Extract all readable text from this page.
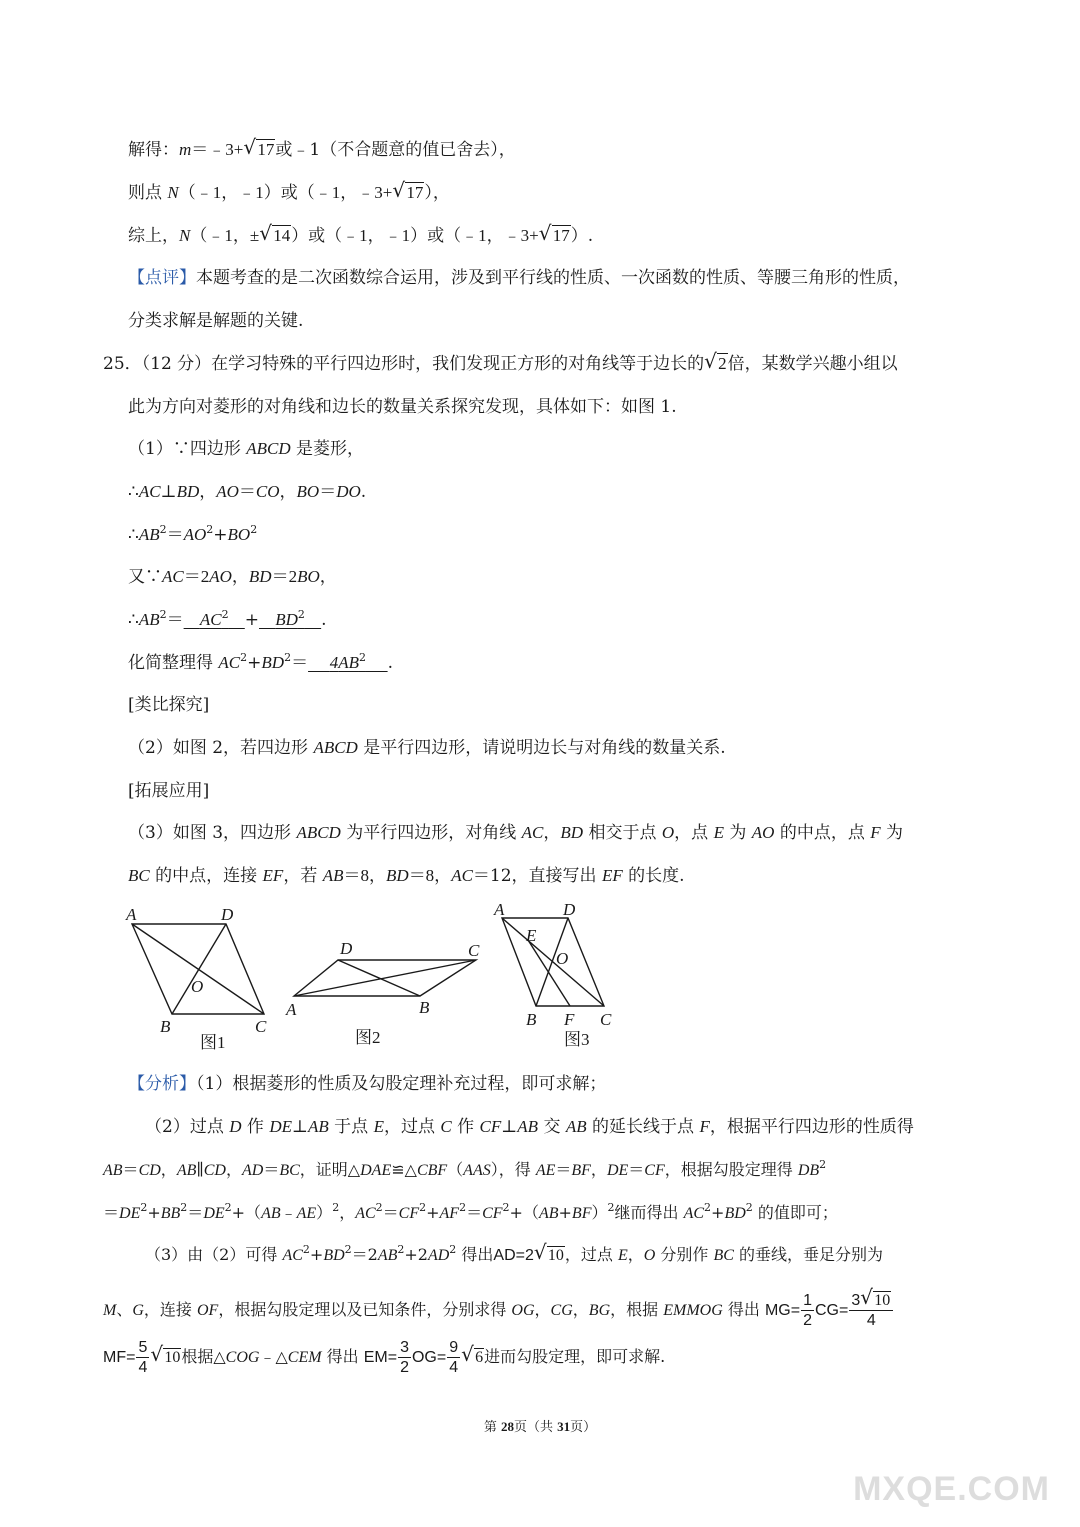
解得：m＝﹣3+ √ 17或﹣1（不合题意的值已舍去），
则点 N（﹣1，﹣1）或（﹣1，﹣3+ √ 17），
综上，N（﹣1，± √ 14）或（﹣1，﹣1）或（﹣1，﹣3+ √ 17）.
【点评】本题考查的是二次函数综合运用，涉及到平行线的性质、一次函数的性质、等腰三角形的性质，
分类求解是解题的关键.
25．（12 分）在学习特殊的平行四边形时，我们发现正方形的对角线等于边长的 √ 2倍，某数学兴趣小组以
此为方向对菱形的对角线和边长的数量关系探究发现，具体如下：如图 1.
（1）∵四边形 ABCD 是菱形，
∴AC⊥BD，AO＝CO，BO＝DO.
$\therefore AB^2=AO^2+BO^2$
又∵AC＝2AO，BD＝2BO，
$\therefore AB^2= AC^2 + BD^2$ .
化简整理得 $AC^2+BD^2= 4AB^2$ .
[类比探究]
（2）如图 2，若四边形 ABCD 是平行四边形，请说明边长与对角线的数量关系.
[拓展应用]
（3）如图 3，四边形 ABCD 为平行四边形，对角线 AC，BD 相交于点 O，点 E 为 AO 的中点，点 F 为
BC 的中点，连接 EF，若 AB＝8，BD＝8，AC＝12，直接写出 EF 的长度.
A	D
O
B	C
图1
D	C
A	B
图2
A	D
E
O
B F C
图3
【分析】（1）根据菱形的性质及勾股定理补充过程，即可求解；
（2）过点 D 作 DE⊥AB 于点 E，过点 C 作 CF⊥AB 交 AB 的延长线于点 F，根据平行四边形的性质得
AB＝CD，AB∥CD，AD＝BC，证明△DAE≌△CBF（AAS），得 AE＝BF，DE＝CF，根据勾股定理得 $DB^2$
$=DE^2+BB^2=DE^2+(AB﹣AE)^2$，$AC^2=CF^2+AF^2=CF^2+(AB+BF)^2$继而得出 $AC^2+BD^2$ 的值即可；
（3）由（2）可得 $AC^2+BD^2=2AB^2+2AD^2$ 得出AD=2 √ 10，过点 E，O 分别作 BC 的垂线，垂足分别为
M、G，连接 OF，根据勾股定理以及已知条件，分别求得 OG，CG，BG，根据 EMMOG 得出 $MG= \frac{1}{2} CG= \frac{3 √ 10}{4}$
$MF= \frac{5}{4}$ √ 10根据△COG﹣△CEM 得出 $EM= \frac{3}{2} OG= \frac{9}{4}$ √ 6进而勾股定理，即可求解.
第 28页（共 31页）
MXQE.COM
